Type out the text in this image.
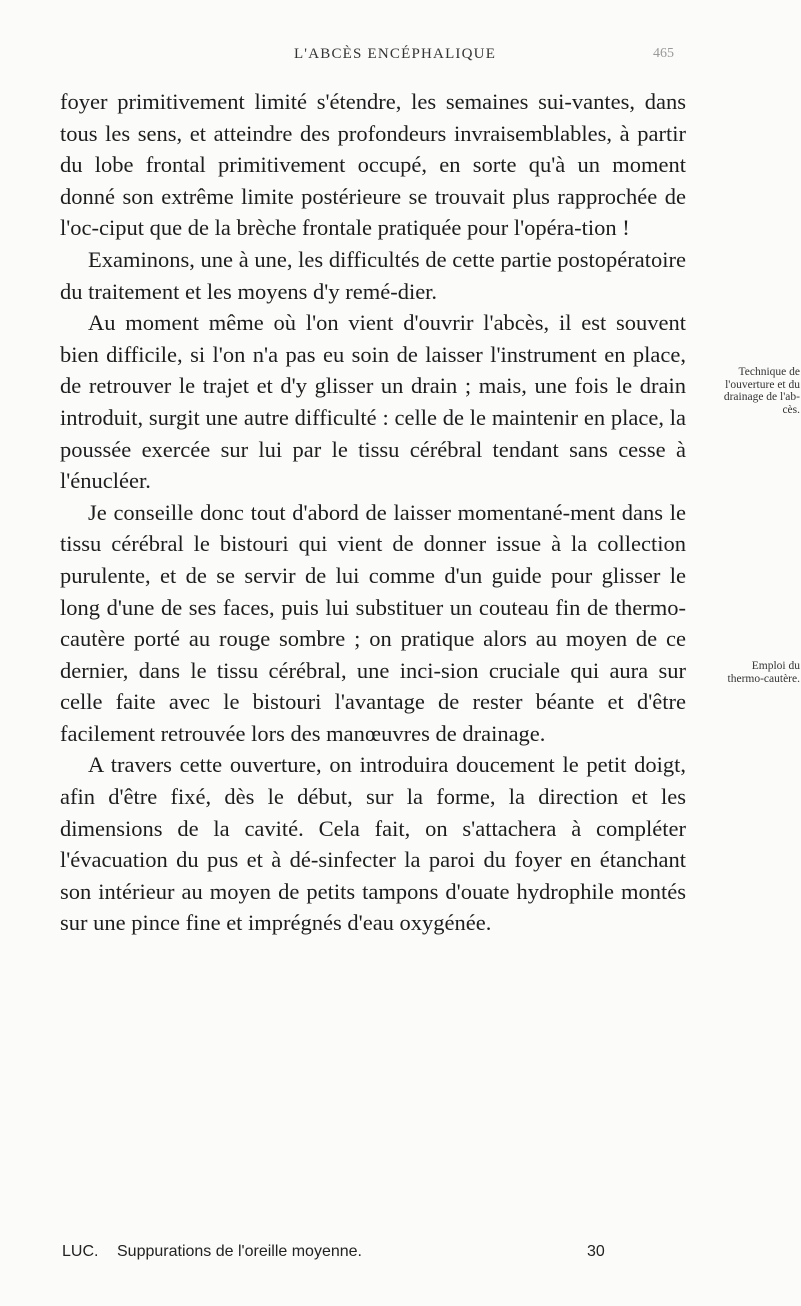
L'ABCÈS ENCÉPHALIQUE	465

foyer primitivement limité s'étendre, les semaines sui-vantes, dans tous les sens, et atteindre des profondeurs invraisemblables, à partir du lobe frontal primitivement occupé, en sorte qu'à un moment donné son extrême limite postérieure se trouvait plus rapprochée de l'oc-ciput que de la brèche frontale pratiquée pour l'opéra-tion !

Examinons, une à une, les difficultés de cette partie postopératoire du traitement et les moyens d'y remé-dier.

Au moment même où l'on vient d'ouvrir l'abcès, il est souvent bien difficile, si l'on n'a pas eu soin de laisser l'instrument en place, de retrouver le trajet et d'y glisser un drain ; mais, une fois le drain introduit, surgit une autre difficulté : celle de le maintenir en place, la poussée exercée sur lui par le tissu cérébral tendant sans cesse à l'énucléer.

Je conseille donc tout d'abord de laisser momentané-ment dans le tissu cérébral le bistouri qui vient de donner issue à la collection purulente, et de se servir de lui comme d'un guide pour glisser le long d'une de ses faces, puis lui substituer un couteau fin de thermo-cautère porté au rouge sombre ; on pratique alors au moyen de ce dernier, dans le tissu cérébral, une inci-sion cruciale qui aura sur celle faite avec le bistouri l'avantage de rester béante et d'être facilement retrouvée lors des manœuvres de drainage.

A travers cette ouverture, on introduira doucement le petit doigt, afin d'être fixé, dès le début, sur la forme, la direction et les dimensions de la cavité. Cela fait, on s'attachera à compléter l'évacuation du pus et à dé-sinfecter la paroi du foyer en étanchant son intérieur au moyen de petits tampons d'ouate hydrophile montés sur une pince fine et imprégnés d'eau oxygénée.

Technique de l'ouverture et du drainage de l'ab-cès.
Emploi du thermo-cautère.
LUC. Suppurations de l'oreille moyenne.	30
